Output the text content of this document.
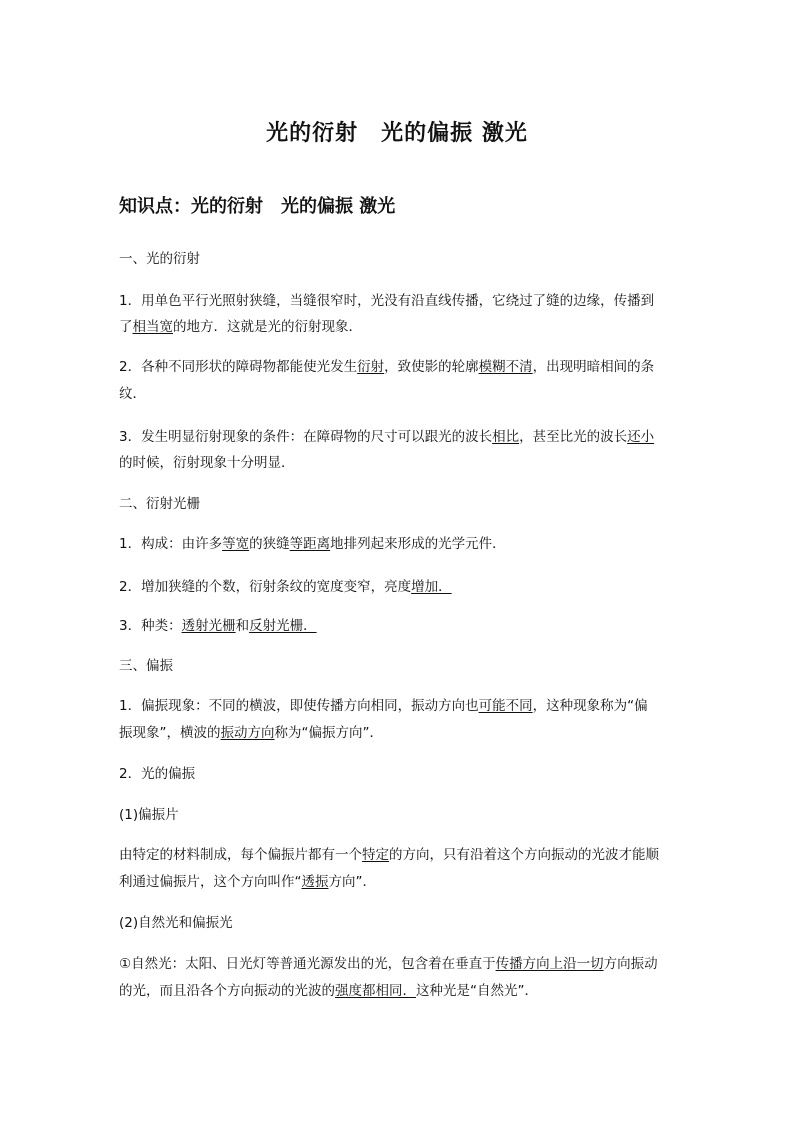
光的衍射　光的偏振 激光
知识点：光的衍射　光的偏振 激光
一、光的衍射
1．用单色平行光照射狭缝，当缝很窄时，光没有沿直线传播，它绕过了缝的边缘，传播到
了相当宽的地方．这就是光的衍射现象．
2．各种不同形状的障碍物都能使光发生衍射，致使影的轮廓模糊不清，出现明暗相间的条
纹．
3．发生明显衍射现象的条件：在障碍物的尺寸可以跟光的波长相比，甚至比光的波长还小
的时候，衍射现象十分明显．
二、衍射光栅
1．构成：由许多等宽的狭缝等距离地排列起来形成的光学元件．
2．增加狭缝的个数，衍射条纹的宽度变窄，亮度增加．
3．种类：透射光栅和反射光栅．
三、偏振
1．偏振现象：不同的横波，即使传播方向相同，振动方向也可能不同，这种现象称为“偏
振现象”，横波的振动方向称为“偏振方向”．
2．光的偏振
(1)偏振片
由特定的材料制成，每个偏振片都有一个特定的方向，只有沿着这个方向振动的光波才能顺
利通过偏振片，这个方向叫作“透振方向”．
(2)自然光和偏振光
①自然光：太阳、日光灯等普通光源发出的光，包含着在垂直于传播方向上沿一切方向振动
的光，而且沿各个方向振动的光波的强度都相同．这种光是“自然光”．
